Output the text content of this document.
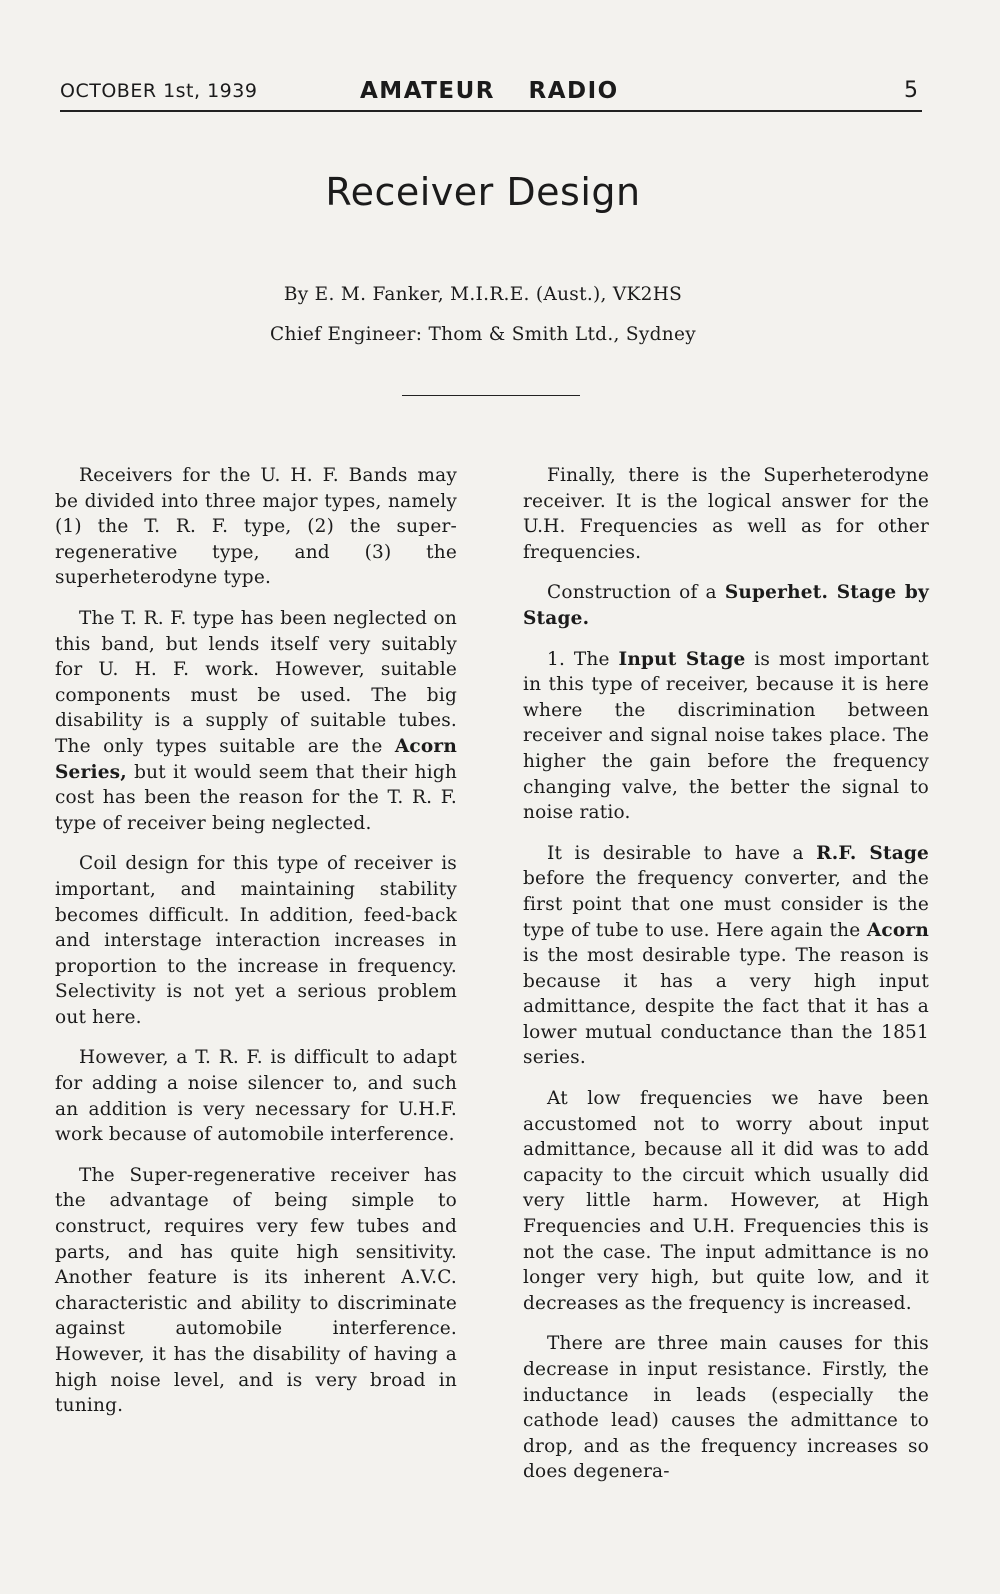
OCTOBER 1st, 1939	AMATEUR RADIO	5
Receiver Design
By E. M. Fanker, M.I.R.E. (Aust.), VK2HS
Chief Engineer: Thom & Smith Ltd., Sydney

Receivers for the U. H. F. Bands may be divided into three major types, namely (1) the T. R. F. type, (2) the super-regenerative type, and (3) the superheterodyne type.

The T. R. F. type has been neglected on this band, but lends itself very suitably for U. H. F. work. However, suitable components must be used. The big disability is a supply of suitable tubes. The only types suitable are the Acorn Series, but it would seem that their high cost has been the reason for the T. R. F. type of receiver being neglected.

Coil design for this type of receiver is important, and maintaining stability becomes difficult. In addition, feed-back and interstage interaction increases in proportion to the increase in frequency. Selectivity is not yet a serious problem out here.

However, a T. R. F. is difficult to adapt for adding a noise silencer to, and such an addition is very necessary for U.H.F. work because of automobile interference.

The Super-regenerative receiver has the advantage of being simple to construct, requires very few tubes and parts, and has quite high sensitivity. Another feature is its inherent A.V.C. characteristic and ability to discriminate against automobile interference. However, it has the disability of having a high noise level, and is very broad in tuning.

Finally, there is the Superheterodyne receiver. It is the logical answer for the U.H. Frequencies as well as for other frequencies.

Construction of a Superhet. Stage by Stage.

1. The Input Stage is most important in this type of receiver, because it is here where the discrimination between receiver and signal noise takes place. The higher the gain before the frequency changing valve, the better the signal to noise ratio.

It is desirable to have a R.F. Stage before the frequency converter, and the first point that one must consider is the type of tube to use. Here again the Acorn is the most desirable type. The reason is because it has a very high input admittance, despite the fact that it has a lower mutual conductance than the 1851 series.

At low frequencies we have been accustomed not to worry about input admittance, because all it did was to add capacity to the circuit which usually did very little harm. However, at High Frequencies and U.H. Frequencies this is not the case. The input admittance is no longer very high, but quite low, and it decreases as the frequency is increased.

There are three main causes for this decrease in input resistance. Firstly, the inductance in leads (especially the cathode lead) causes the admittance to drop, and as the frequency increases so does degenera-
